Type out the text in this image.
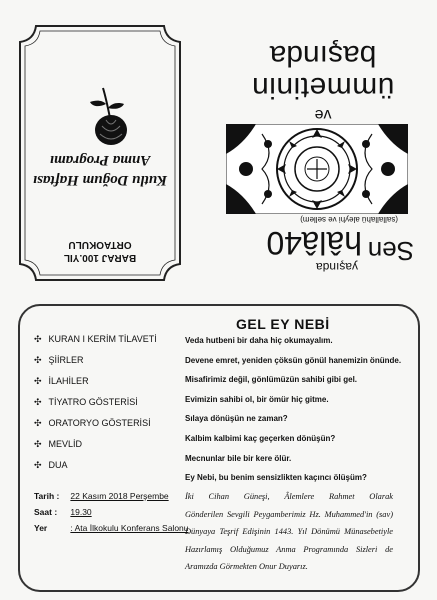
Kutlu Doğum Haftası
Anma Programı
BARAJ 100.YIL
ORTAOKULU
başında
ümmetinin
ve
Sen
hâlâ
40
yaşında
(sallallahü aleyhi ve sellem)
✣ KURAN I KERİM TİLAVETİ
✣ ŞİİRLER
✣ İLAHİLER
✣ TİYATRO GÖSTERİSİ
✣ ORATORYO GÖSTERİSİ
✣ MEVLİD
✣ DUA
Tarih : 22 Kasım 2018 Perşembe
Saat : 19.30
Yer	: Ata İlkokulu Konferans Salonu
GEL EY NEBİ

Veda hutbeni bir daha hiç okumayalım.

Devene emret, yeniden çöksün gönül hanemizin önünde.

Misafirimiz değil, gönlümüzün sahibi gibi gel.

Evimizin sahibi ol, bir ömür hiç gitme.

Sılaya dönüşün ne zaman?

Kalbim kalbimi kaç geçerken dönüşün?

Mecnunlar bile bir kere ölür.

Ey Nebi, bu benim sensizlikten kaçıncı ölüşüm?

İki Cihan Güneşi, Âlemlere Rahmet Olarak
Gönderilen Sevgili Peygamberimiz Hz. Muhammed'in (sav)
Dünyaya Teşrif Edişinin 1443. Yıl Dönümü Münasebetiyle
Hazırlamış Olduğumuz Anma Programında Sizleri de
Aramızda Görmekten Onur Duyarız.
